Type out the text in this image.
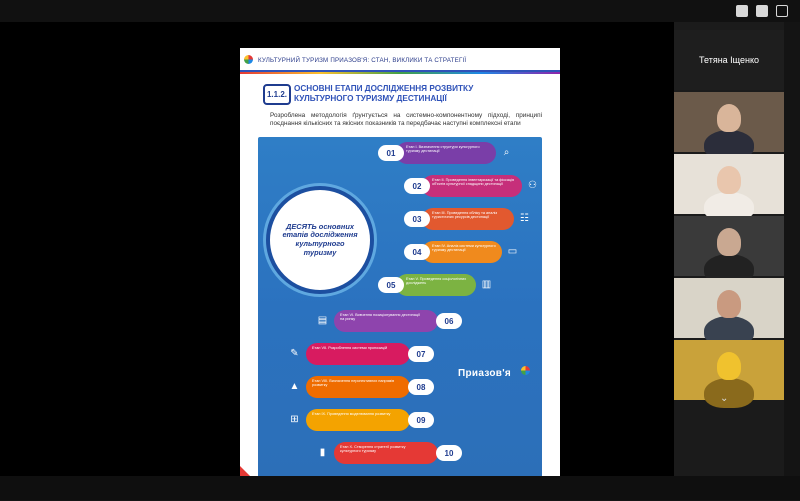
КУЛЬТУРНИЙ ТУРИЗМ ПРИАЗОВ'Я: СТАН, ВИКЛИКИ ТА СТРАТЕГІЇ
1.1.2.
ОСНОВНІ ЕТАПИ ДОСЛІДЖЕННЯ РОЗВИТКУ КУЛЬТУРНОГО ТУРИЗМУ ДЕСТИНАЦІЇ
Розроблена методологія ґрунтується на системно-компонентному підході, принципі поєднання кількісних та якісних показників та передбачає наступні комплексні етапи
ДЕСЯТЬ основних етапів дослідження культурного туризму
Етап І. Визначення структури культурного туризму дестинації
01	⌕
Етап ІІ. Проведення інвентаризації та фіксація об'єктів культурної спадщини дестинації
02	⚇
Етап ІІІ. Проведення обліку та аналіз туристичних ресурсів дестинації
03	☷
Етап IV. Аналіз системи культурного туризму дестинації
04	▭
Етап V. Проведення соціологічних досліджень
05	▥
Етап VI. Вивчення позиціонування дестинації на ринку	06
▤
Етап VII. Розроблення системи пропозицій
07
✎
Етап VIII. Визначення перспективних напрямів розвитку	08
▲
Етап IX. Проведення моделювання розвитку
09
⊞
Етап X. Створення стратегії розвитку культурного туризму	10
▮
Приазов'я
Тетяна Іщенко
⌄
